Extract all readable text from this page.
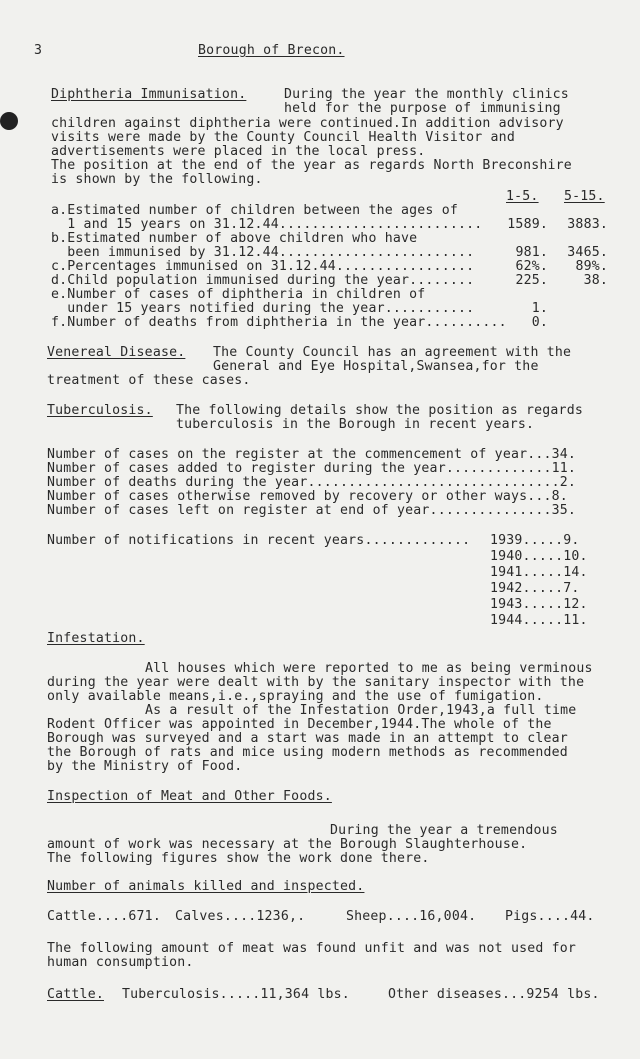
3	Borough of Brecon.
Diphtheria Immunisation.	During the year the monthly clinics
held for the purpose of immunising
children against diphtheria were continued.In addition advisory
visits were made by the County Council Health Visitor and
advertisements were placed in the local press.
The position at the end of the year as regards North Breconshire
is shown by the following.
1-5. 5-15.
a.Estimated number of children between the ages of
1 and 15 years on 31.12.44.........................	1589.	3883.
b.Estimated number of above children who have
been immunised by 31.12.44........................	981.	3465.
c.Percentages immunised on 31.12.44.................	62%.	89%.
d.Child population immunised during the year........	225.	38.
e.Number of cases of diphtheria in children of
under 15 years notified during the year...........	1.
f.Number of deaths from diphtheria in the year..........	0.
Venereal Disease. The County Council has an agreement with the
General and Eye Hospital,Swansea,for the
treatment of these cases.
Tuberculosis. The following details show the position as regards
tuberculosis in the Borough in recent years.
Number of cases on the register at the commencement of year...34.
Number of cases added to register during the year.............11.
Number of deaths during the year...............................2.
Number of cases otherwise removed by recovery or other ways...8.
Number of cases left on register at end of year...............35.
Number of notifications in recent years............. 1939.....9.
1940.....10.
1941.....14.
1942.....7.
1943.....12.
1944.....11.
Infestation.
All houses which were reported to me as being verminous
during the year were dealt with by the sanitary inspector with the
only available means,i.e.,spraying and the use of fumigation.
As a result of the Infestation Order,1943,a full time
Rodent Officer was appointed in December,1944.The whole of the
Borough was surveyed and a start was made in an attempt to clear
the Borough of rats and mice using modern methods as recommended
by the Ministry of Food.
Inspection of Meat and Other Foods.
During the year a tremendous
amount of work was necessary at the Borough Slaughterhouse.
The following figures show the work done there.
Number of animals killed and inspected.
Cattle....671. Calves....1236,.	Sheep....16,004. Pigs....44.
The following amount of meat was found unfit and was not used for
human consumption.
Cattle. Tuberculosis.....11,364 lbs.	Other diseases...9254 lbs.
